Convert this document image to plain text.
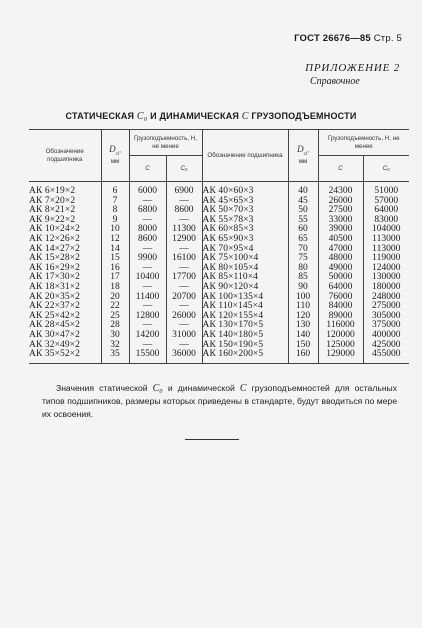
ГОСТ 26676—85 Стр. 5
ПРИЛОЖЕНИЕ 2
Справочное
СТАТИЧЕСКАЯ C₀ И ДИНАМИЧЕСКАЯ C ГРУЗОПОДЪЕМНОСТИ
Обозначение подшипника	$D_{cl}$,
мм	Грузоподъемность, Н, не менее		Обозначение подшипника	$D_{cl}$,
мм	Грузоподъемность, Н, не менее	
		C	C₀			C	C₀
АК 6×19×2	6	6000	6900	АК 40×60×3	40	24300	51000
АК 7×20×2	7	—	—	АК 45×65×3	45	26000	57000
АК 8×21×2	8	6800	8600	АК 50×70×3	50	27500	64000
АК 9×22×2	9	—	—	АК 55×78×3	55	33000	83000
АК 10×24×2	10	8000	11300	АК 60×85×3	60	39000	104000
АК 12×26×2	12	8600	12900	АК 65×90×3	65	40500	113000
АК 14×27×2	14	—	—	АК 70×95×4	70	47000	113000
АК 15×28×2	15	9900	16100	АК 75×100×4	75	48000	119000
АК 16×29×2	16	—	—	АК 80×105×4	80	49000	124000
АК 17×30×2	17	10400	17700	АК 85×110×4	85	50000	130000
АК 18×31×2	18	—	—	АК 90×120×4	90	64000	180000
АК 20×35×2	20	11400	20700	АК 100×135×4	100	76000	248000
АК 22×37×2	22	—	—	АК 110×145×4	110	84000	275000
АК 25×42×2	25	12800	26000	АК 120×155×4	120	89000	305000
АК 28×45×2	28	—	—	АК 130×170×5	130	116000	375000
АК 30×47×2	30	14200	31000	АК 140×180×5	140	120000	400000
АК 32×49×2	32	—	—	АК 150×190×5	150	125000	425000
АК 35×52×2	35	15500	36000	АК 160×200×5	160	129000	455000

Значения статической C₀ и динамической C грузоподъемностей для остальных типов подшипников, размеры которых приведены в стандарте, будут вводиться по мере их освоения.
